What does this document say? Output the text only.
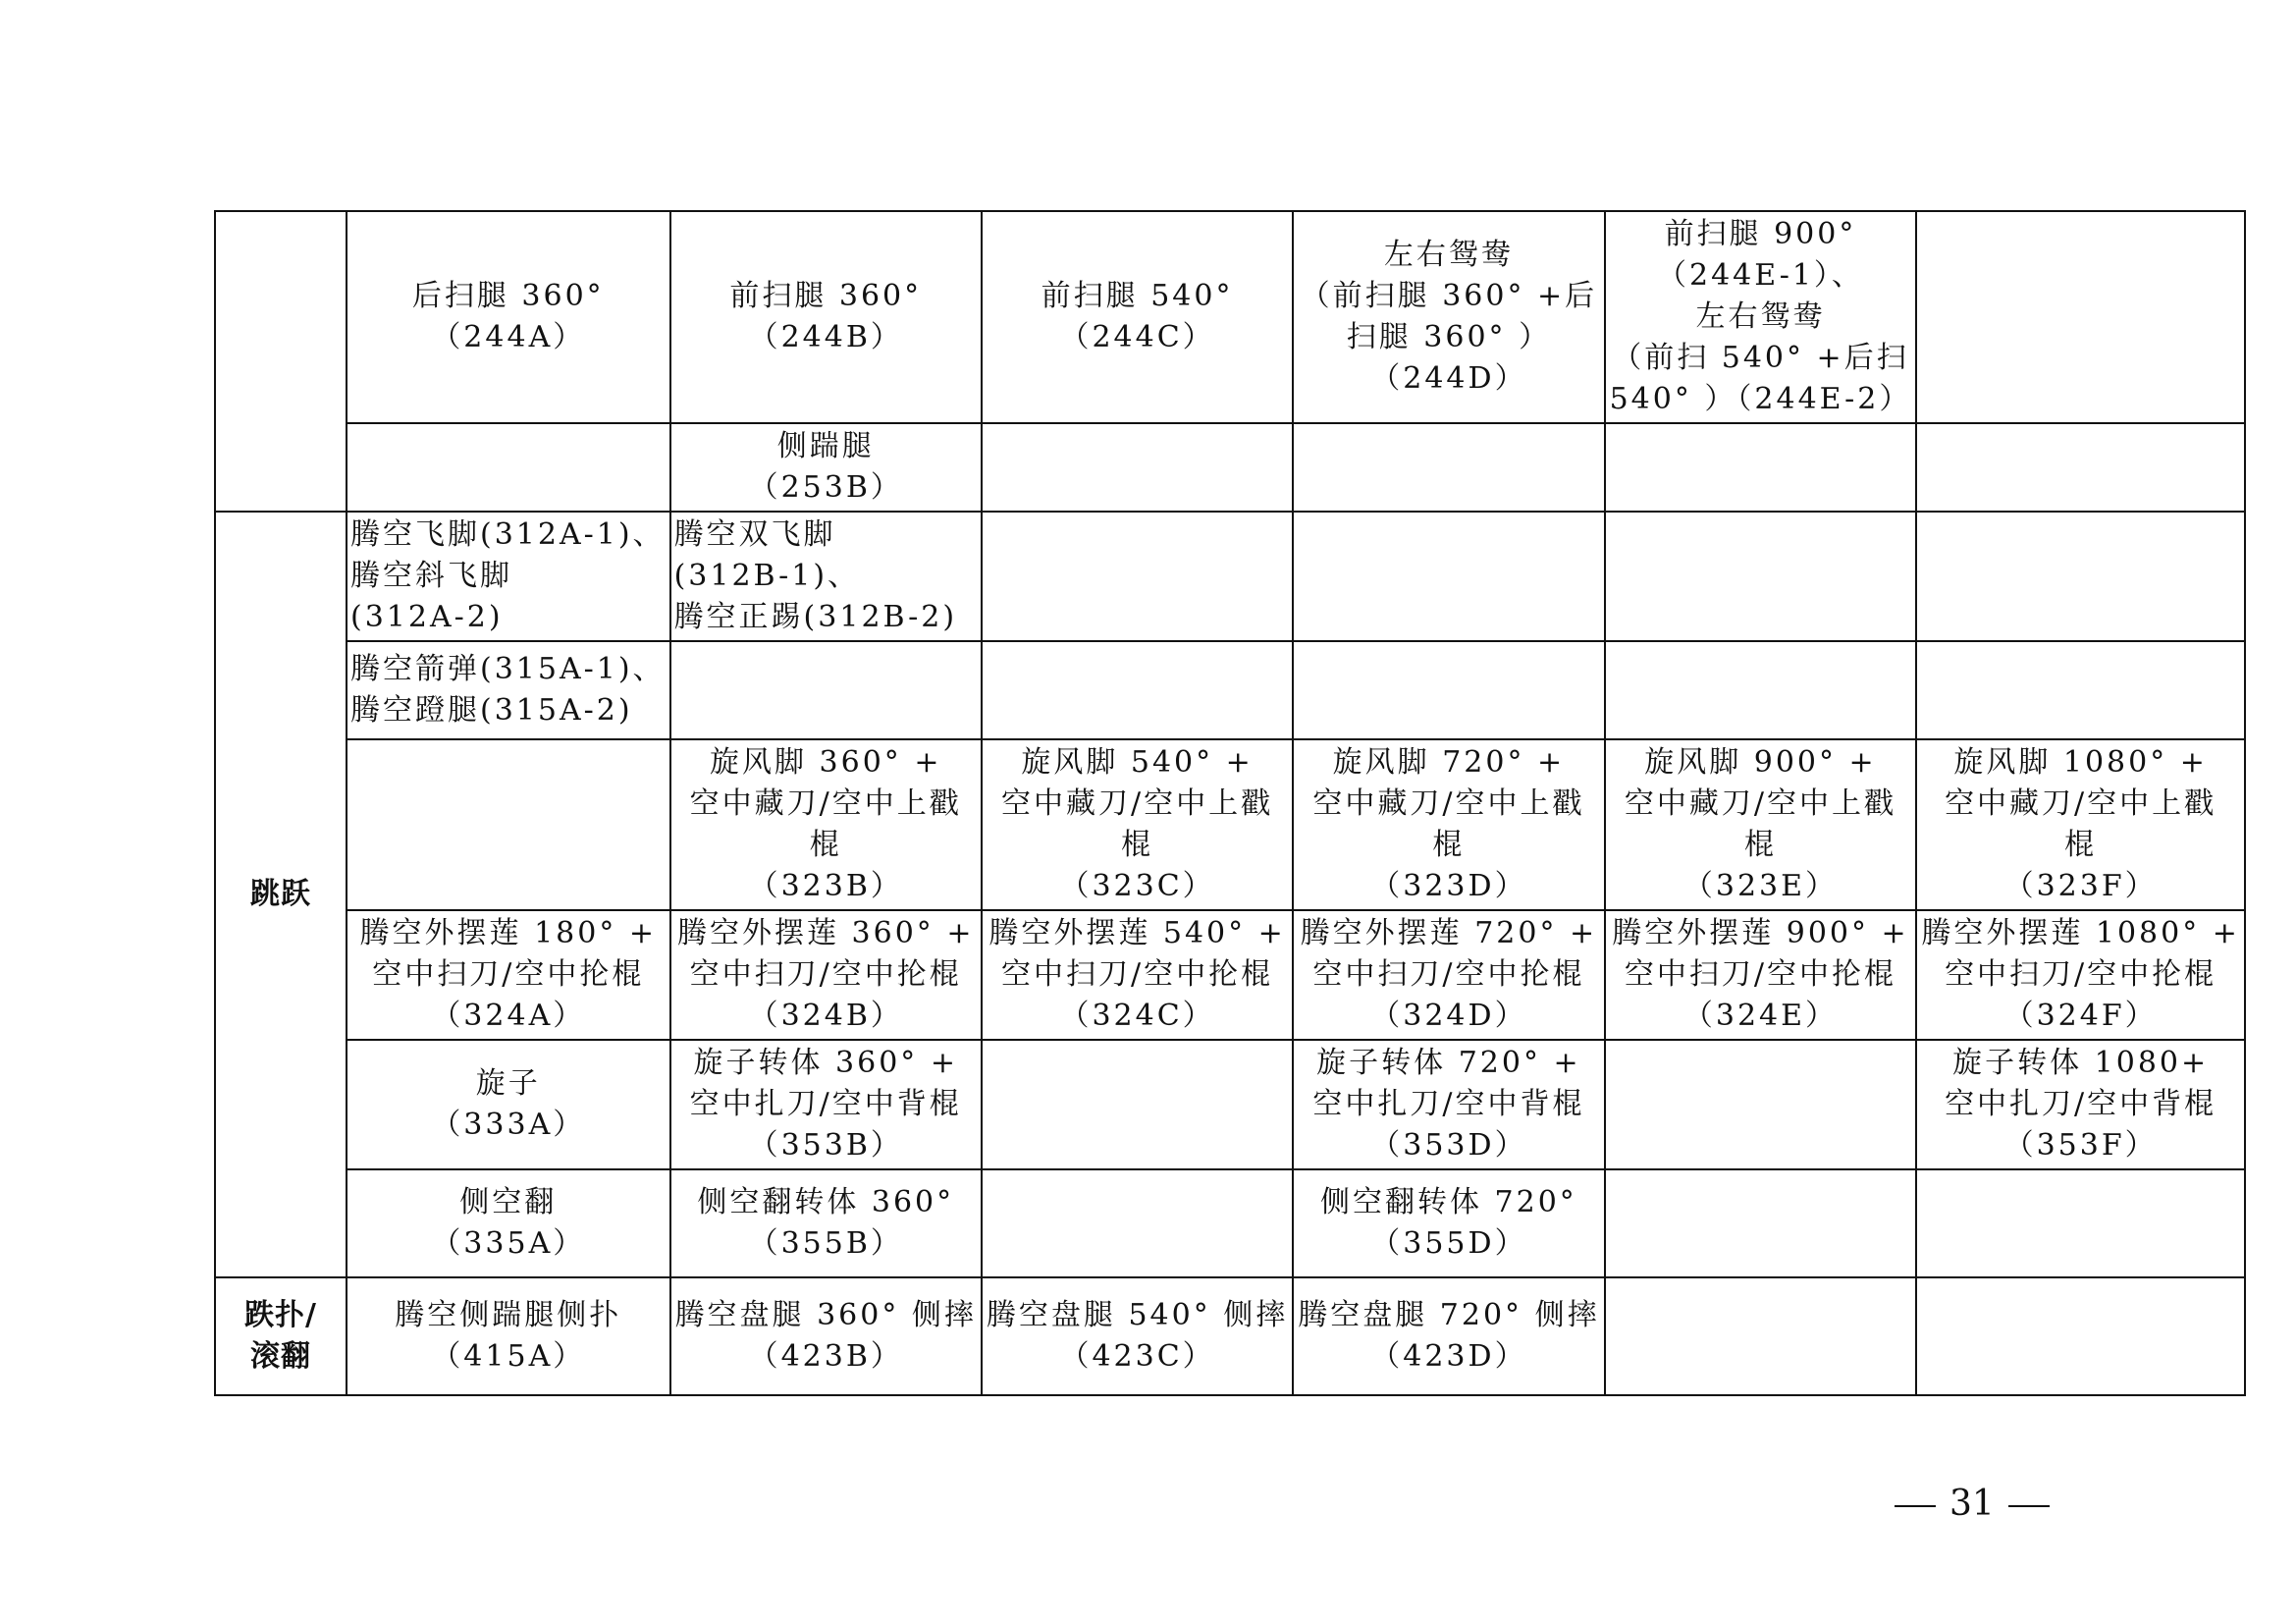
	后扫腿 360°
（244A）	前扫腿 360°
（244B）	前扫腿 540°
（244C）	左右鸳鸯
（前扫腿 360° +后
扫腿 360° ）
（244D）	前扫腿 900°
（244E-1）、
左右鸳鸯
（前扫 540° +后扫
540° ）（244E-2）	

		侧踹腿
（253B）				

跳跃	腾空飞脚(312A-1)、
腾空斜飞脚
(312A-2)	腾空双飞脚
(312B-1)、
腾空正踢(312B-2)				

	腾空箭弹(315A-1)、
腾空蹬腿(315A-2)					

		旋风脚 360° +
空中藏刀/空中上戳
棍
（323B）	旋风脚 540° +
空中藏刀/空中上戳
棍
（323C）	旋风脚 720° +
空中藏刀/空中上戳
棍
（323D）	旋风脚 900° +
空中藏刀/空中上戳
棍
（323E）	旋风脚 1080° +
空中藏刀/空中上戳
棍
（323F）

	腾空外摆莲 180° +
空中扫刀/空中抡棍
（324A）	腾空外摆莲 360° +
空中扫刀/空中抡棍
（324B）	腾空外摆莲 540° +
空中扫刀/空中抡棍
（324C）	腾空外摆莲 720° +
空中扫刀/空中抡棍
（324D）	腾空外摆莲 900° +
空中扫刀/空中抡棍
（324E）	腾空外摆莲 1080° +
空中扫刀/空中抡棍
（324F）

	旋子
（333A）	旋子转体 360° +
空中扎刀/空中背棍
（353B）		旋子转体 720° +
空中扎刀/空中背棍
（353D）		旋子转体 1080+
空中扎刀/空中背棍
（353F）

	侧空翻
（335A）	侧空翻转体 360°
（355B）		侧空翻转体 720°
（355D）		

跌扑/
滚翻	腾空侧踹腿侧扑
（415A）	腾空盘腿 360° 侧摔
（423B）	腾空盘腿 540° 侧摔
（423C）	腾空盘腿 720° 侧摔
（423D）		

31
